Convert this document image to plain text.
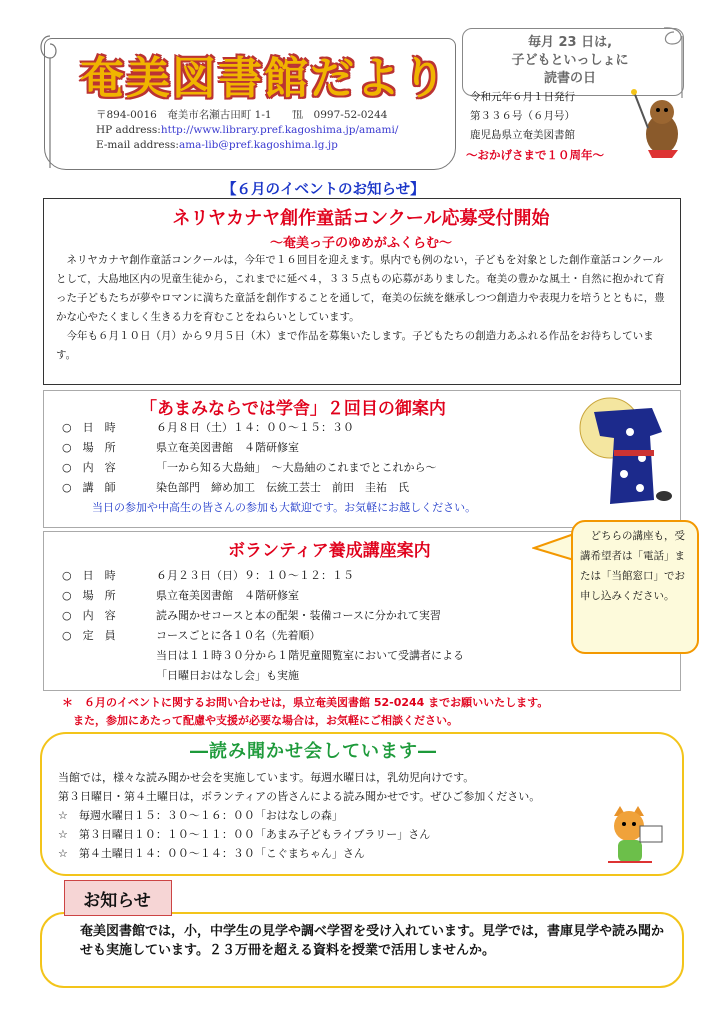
奄美図書館だより
〒894-0016　奄美市名瀬古田町 1-1　　℡　0997-52-0244
HP address:http://www.library.pref.kagoshima.jp/amami/
E-mail address:ama-lib@pref.kagoshima.lg.jp
毎月 23 日は,
子どもといっしょに
読書の日
令和元年６月１日発行
第３３６号（６月号）
鹿児島県立奄美図書館
～おかげさまで１０周年～
【６月のイベントのお知らせ】
ネリヤカナヤ創作童話コンクール応募受付開始
～奄美っ子のゆめがふくらむ～
　ネリヤカナヤ創作童話コンクールは，今年で１６回目を迎えます。県内でも例のない，子どもを対象とした創作童話コンクールとして，大島地区内の児童生徒から，これまでに延べ４，３３５点もの応募がありました。奄美の豊かな風土・自然に抱かれて育った子どもたちが夢やロマンに満ちた童話を創作することを通して，奄美の伝統を継承しつつ創造力や表現力を培うとともに，豊かな心やたくましく生きる力を育むことをねらいとしています。
　今年も６月１０日（月）から９月５日（木）まで作品を募集いたします。子どもたちの創造力あふれる作品をお待ちしています。
「あまみならでは学舎」２回目の御案内
○　日　時	６月８日（土）１４：００～１５：３０
○　場　所	県立奄美図書館　４階研修室
○　内　容	「一から知る大島紬」　～大島紬のこれまでとこれから～
○　講　師	染色部門　締め加工　伝統工芸士　前田　圭祐　氏
当日の参加や中高生の皆さんの参加も大歓迎です。お気軽にお越しください。
ボランティア養成講座案内
○　日　時	６月２３日（日）９：１０～１２：１５
○　場　所	県立奄美図書館　４階研修室
○　内　容	読み聞かせコースと本の配架・装備コースに分かれて実習
○　定　員	コースごとに各１０名（先着順）
当日は１１時３０分から１階児童閲覧室において受講者による
「日曜日おはなし会」も実施
　どちらの講座も，受講希望者は「電話」または「当館窓口」でお申し込みください。
＊　６月のイベントに関するお問い合わせは，県立奄美図書館 52-0244 までお願いいたします。
　また，参加にあたって配慮や支援が必要な場合は，お気軽にご相談ください。
―読み聞かせ会しています―
当館では，様々な読み聞かせ会を実施しています。毎週水曜日は，乳幼児向けです。
第３日曜日・第４土曜日は，ボランティアの皆さんによる読み聞かせです。ぜひご参加ください。
☆　毎週水曜日１５：３０～１６：００「おはなしの森」
☆　第３日曜日１０：１０～１１：００「あまみ子どもライブラリー」さん
☆　第４土曜日１４：００～１４：３０「こぐまちゃん」さん
お知らせ
奄美図書館では，小，中学生の見学や調べ学習を受け入れています。見学では，書庫見学や読み聞かせも実施しています。２３万冊を超える資料を授業で活用しませんか。
